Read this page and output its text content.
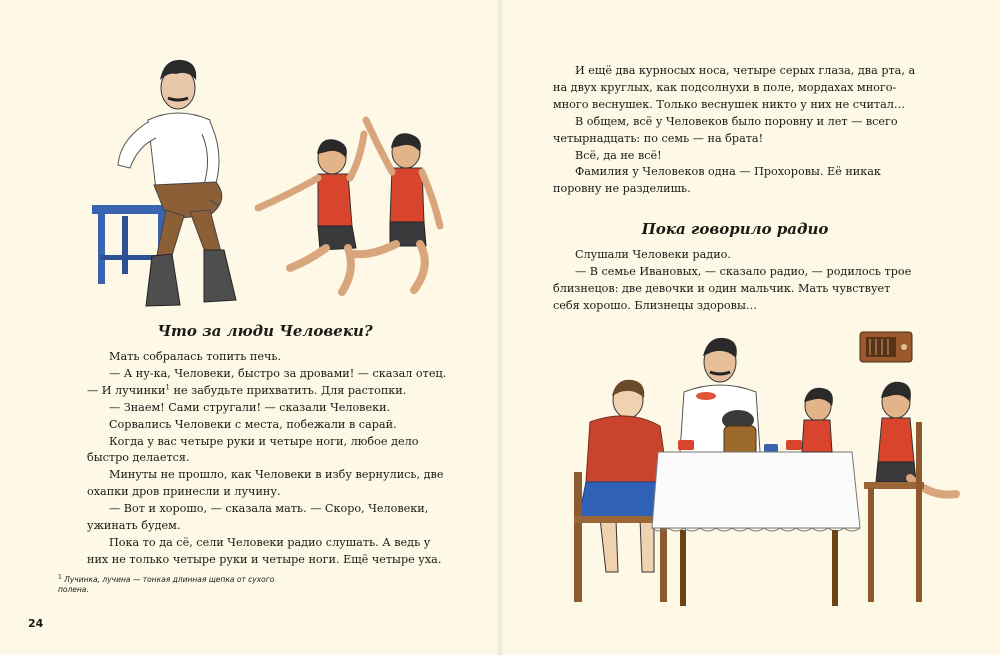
Что за люди Человеки?

Мать собралась топить печь.

— А ну-ка, Человеки, быстро за дровами! — сказал отец. — И лучинки$^1$ не забудьте прихватить. Для растопки.

— Знаем! Сами стругали! — сказали Человеки.

Сорвались Человеки с места, побежали в сарай.

Когда у вас четыре руки и четыре ноги, любое дело быстро делается.

Минуты не прошло, как Человеки в избу вернулись, две охапки дров принесли и лучину.

— Вот и хорошо, — сказала мать. — Скоро, Человеки, ужинать будем.

Пока то да сё, сели Человеки радио слушать. А ведь у них не только четыре руки и четыре ноги. Ещё четыре уха.

$^1$ Лучинка, лучина — тонкая длинная щепка от сухого полена.
24

И ещё два курносых носа, четыре серых глаза, два рта, а на двух круглых, как подсолнухи в поле, мордахах много-много веснушек. Только веснушек никто у них не считал…

В общем, всё у Человеков было поровну и лет — всего четырнадцать: по семь — на брата!

Всё, да не всё!

Фамилия у Человеков одна — Прохоровы. Её никак поровну не разделишь.

Пока говорило радио

Слушали Человеки радио.

— В семье Ивановых, — сказало радио, — родилось трое близнецов: две девочки и один мальчик. Мать чувствует себя хорошо. Близнецы здоровы…
